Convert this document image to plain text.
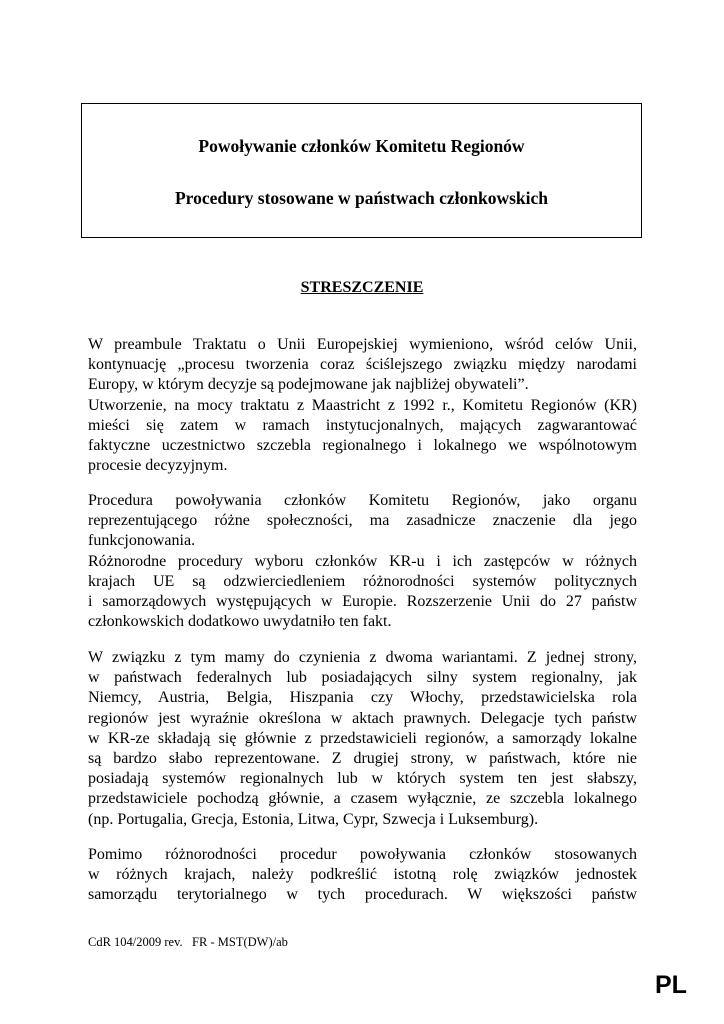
Powoływanie członków Komitetu Regionów
Procedury stosowane w państwach członkowskich
STRESZCZENIE
W preambule Traktatu o Unii Europejskiej wymieniono, wśród celów Unii,
kontynuację „procesu tworzenia coraz ściślejszego związku między narodami
Europy, w którym decyzje są podejmowane jak najbliżej obywateli”.
Utworzenie, na mocy traktatu z Maastricht z 1992 r., Komitetu Regionów (KR)
mieści się zatem w ramach instytucjonalnych, mających zagwarantować
faktyczne uczestnictwo szczebla regionalnego i lokalnego we wspólnotowym
procesie decyzyjnym.
Procedura powoływania członków Komitetu Regionów, jako organu
reprezentującego różne społeczności, ma zasadnicze znaczenie dla jego
funkcjonowania.
Różnorodne procedury wyboru członków KR-u i ich zastępców w różnych
krajach UE są odzwierciedleniem różnorodności systemów politycznych
i samorządowych występujących w Europie. Rozszerzenie Unii do 27 państw
członkowskich dodatkowo uwydatniło ten fakt.
W związku z tym mamy do czynienia z dwoma wariantami. Z jednej strony,
w państwach federalnych lub posiadających silny system regionalny, jak
Niemcy, Austria, Belgia, Hiszpania czy Włochy, przedstawicielska rola
regionów jest wyraźnie określona w aktach prawnych. Delegacje tych państw
w KR-ze składają się głównie z przedstawicieli regionów, a samorządy lokalne
są bardzo słabo reprezentowane. Z drugiej strony, w państwach, które nie
posiadają systemów regionalnych lub w których system ten jest słabszy,
przedstawiciele pochodzą głównie, a czasem wyłącznie, ze szczebla lokalnego
(np. Portugalia, Grecja, Estonia, Litwa, Cypr, Szwecja i Luksemburg).
Pomimo różnorodności procedur powoływania członków stosowanych
w różnych krajach, należy podkreślić istotną rolę związków jednostek
samorządu terytorialnego w tych procedurach. W większości państw
CdR 104/2009 rev.   FR - MST(DW)/ab
PL
